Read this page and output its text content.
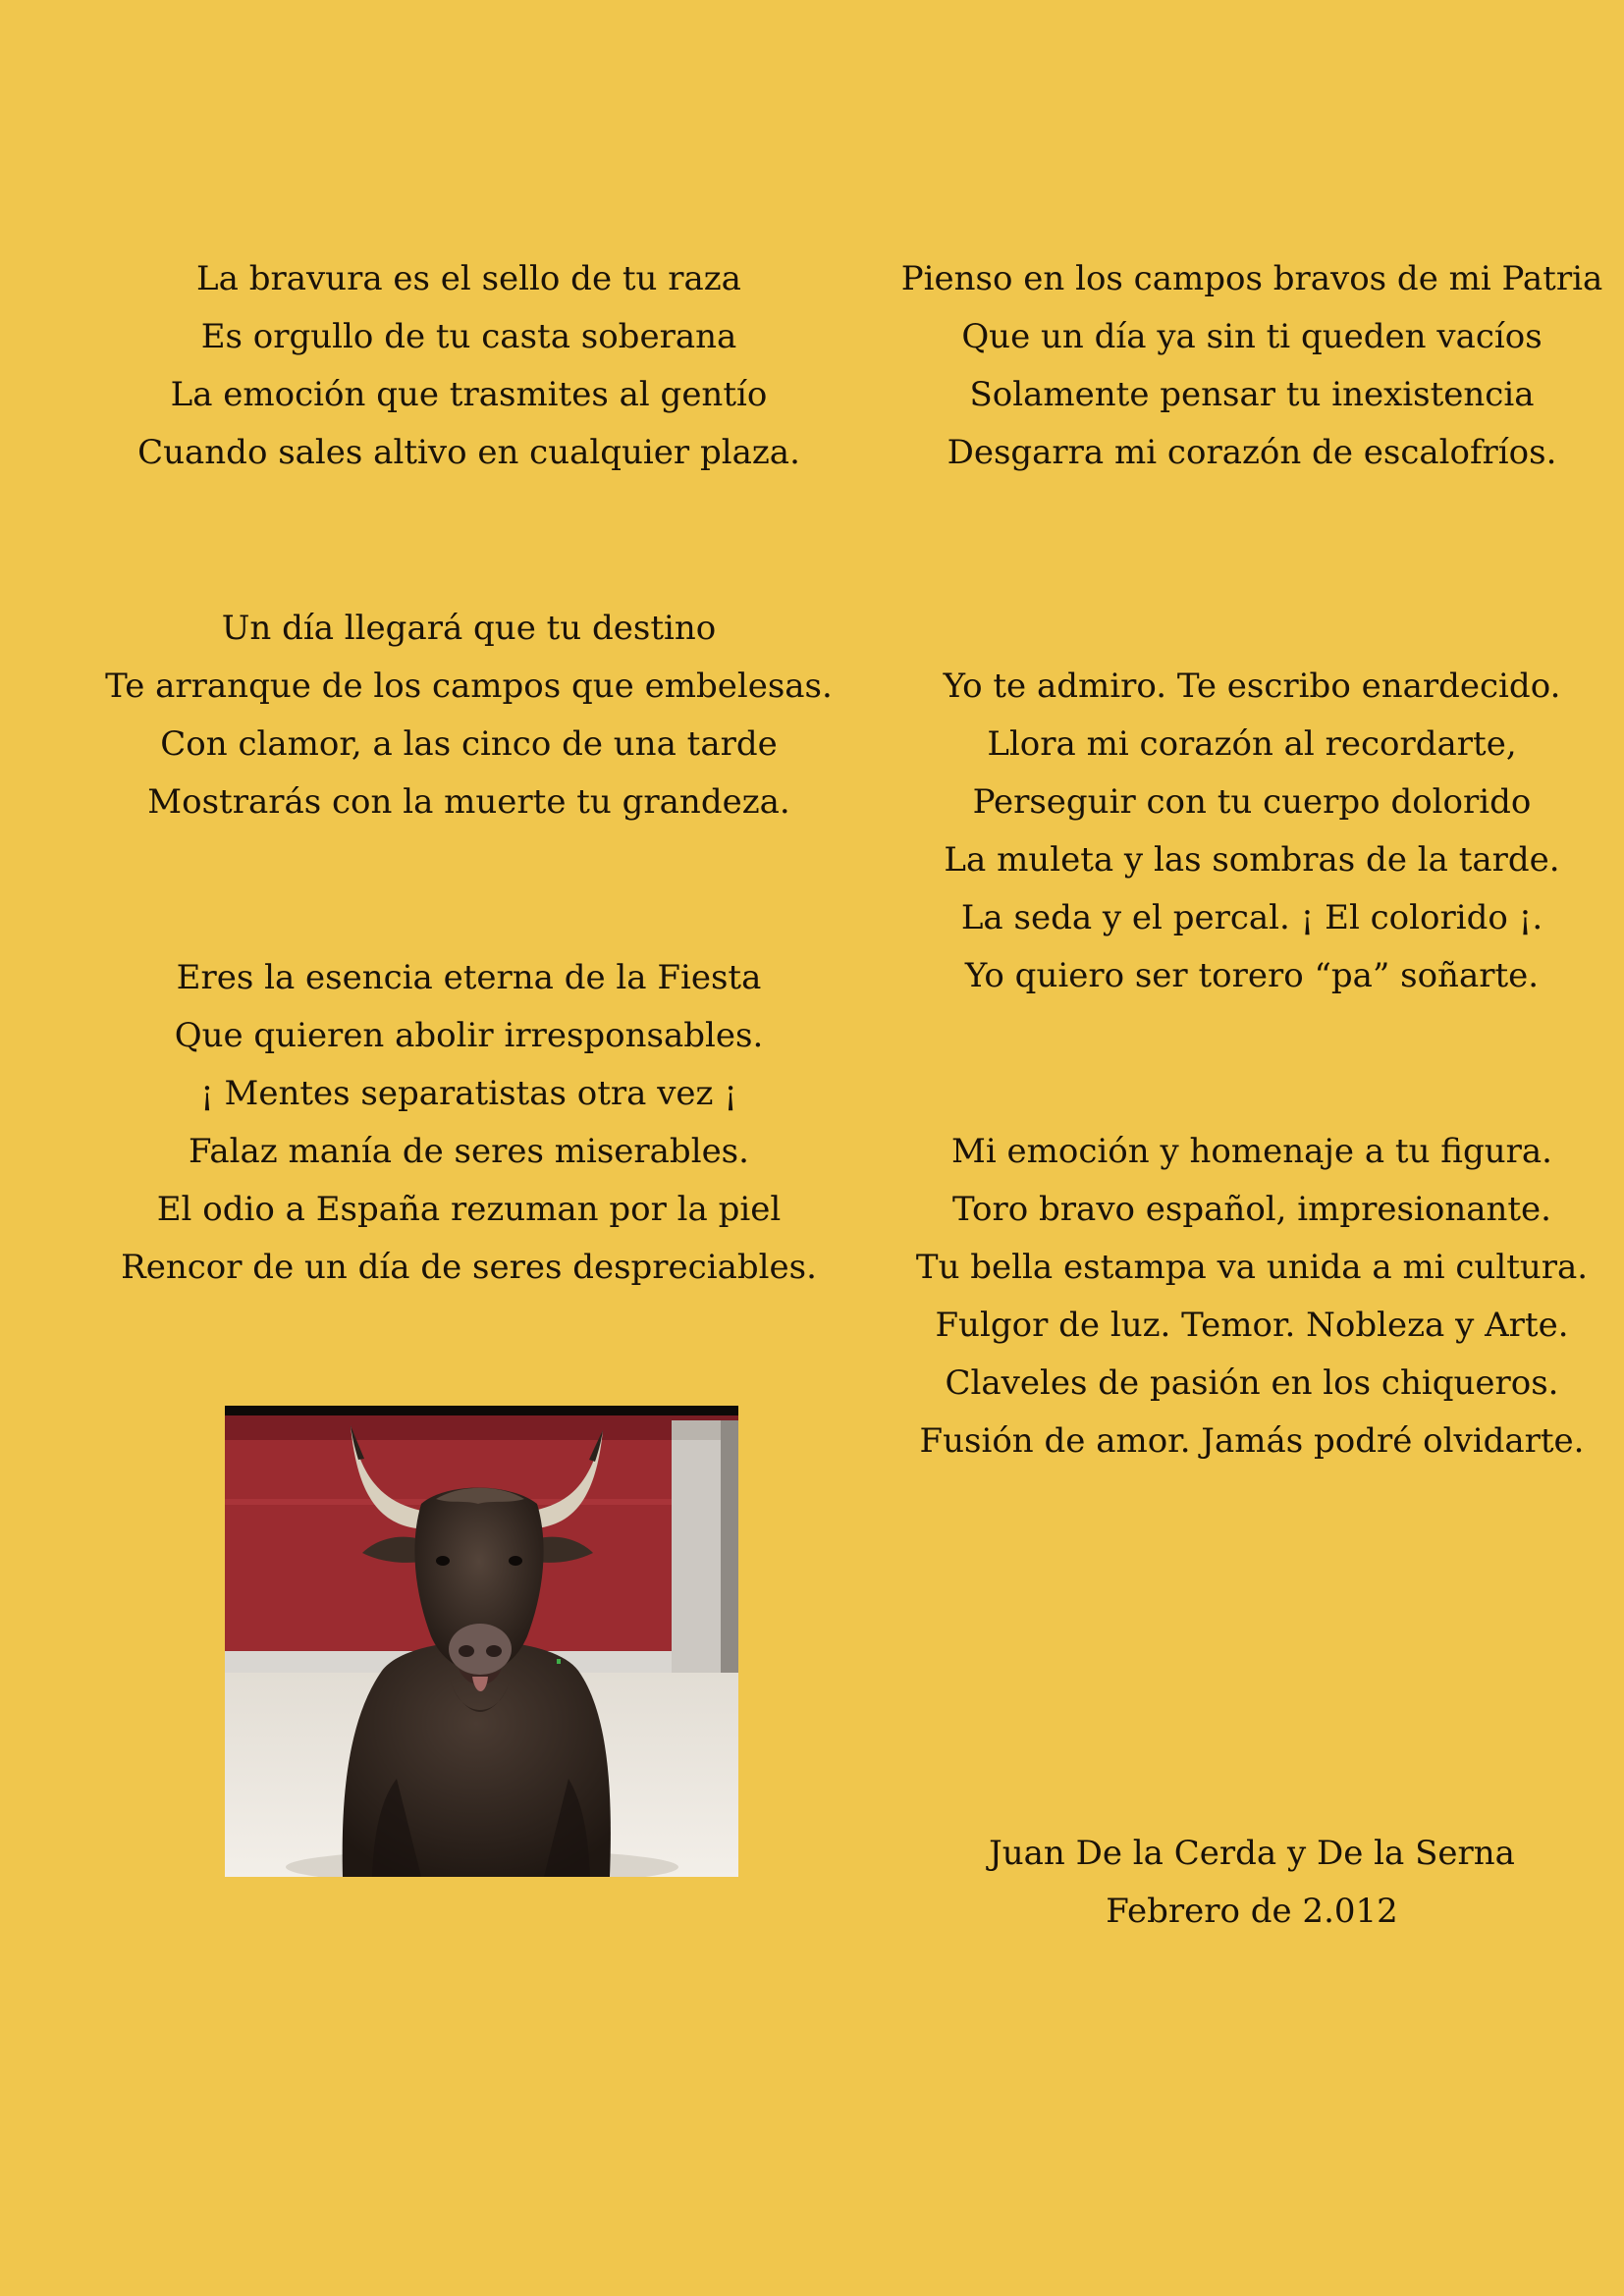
La bravura es el sello de tu raza
Es orgullo de tu casta soberana
La emoción que trasmites al gentío
Cuando sales altivo en cualquier plaza.
Un día llegará que tu destino
Te arranque de los campos que embelesas.
Con clamor, a las cinco de una tarde
Mostrarás con la muerte tu grandeza.
Eres la esencia eterna de la Fiesta
Que quieren abolir irresponsables.
¡ Mentes separatistas otra vez ¡
Falaz manía de seres miserables.
El odio a España rezuman por la piel
Rencor de un día de seres despreciables.
Pienso en los campos bravos de mi Patria
Que un día ya sin ti queden vacíos
Solamente pensar tu inexistencia
Desgarra mi corazón de escalofríos.
Yo te admiro. Te escribo enardecido.
Llora mi corazón al recordarte,
Perseguir con tu cuerpo dolorido
La muleta y las sombras de la tarde.
La seda y el percal. ¡ El colorido ¡.
Yo quiero ser torero “pa” soñarte.
Mi emoción y homenaje a tu figura.
Toro bravo español, impresionante.
Tu bella estampa va unida a mi cultura.
Fulgor de luz. Temor. Nobleza y Arte.
Claveles de pasión en los chiqueros.
Fusión de amor. Jamás podré olvidarte.
Juan De la Cerda y De la Serna
Febrero de 2.012
